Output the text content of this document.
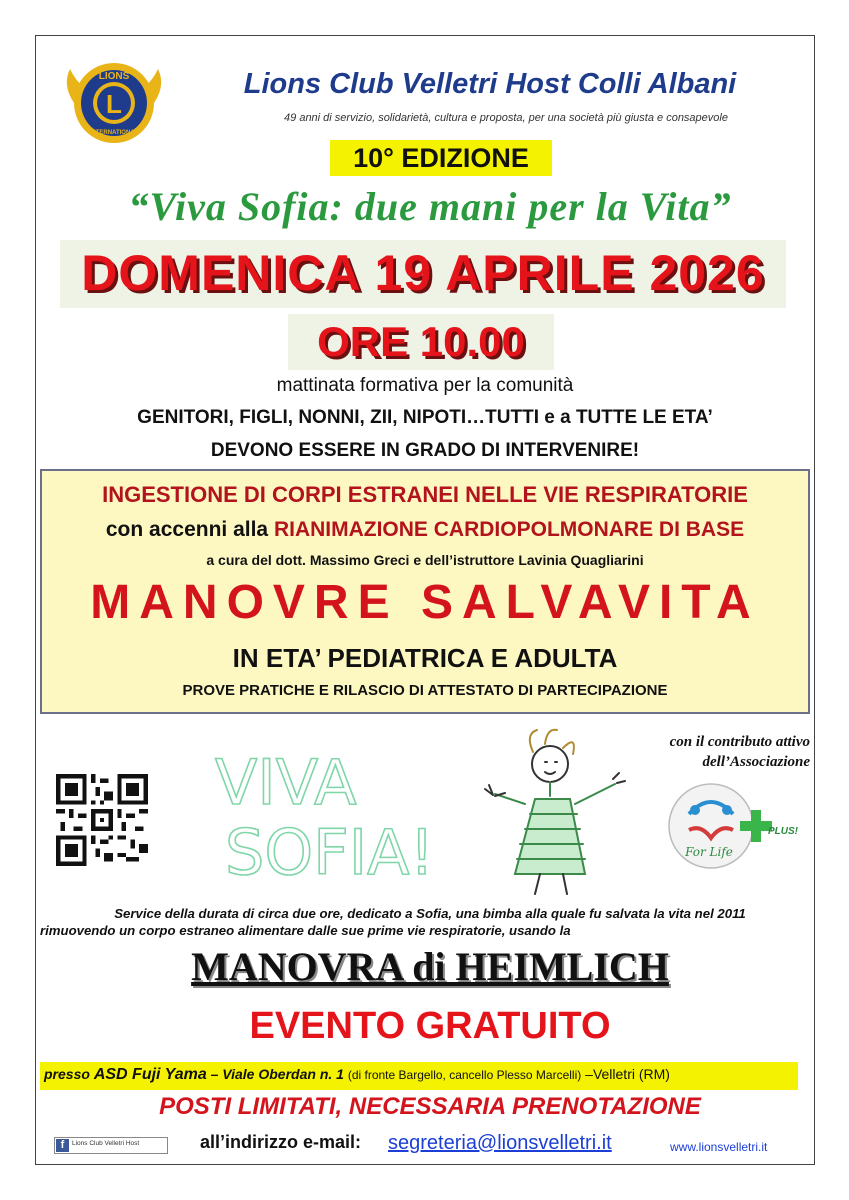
L
LIONS
INTERNATIONAL
Lions Club Velletri Host Colli Albani
49 anni di servizio, solidarietà, cultura e proposta, per una società più giusta e consapevole
10° EDIZIONE
“Viva Sofia: due mani per la Vita”
DOMENICA 19 APRILE 2026
ORE 10.00
mattinata formativa per la comunità
GENITORI, FIGLI, NONNI, ZII, NIPOTI…TUTTI e a TUTTE LE ETA’
DEVONO ESSERE IN GRADO DI INTERVENIRE!
INGESTIONE DI CORPI ESTRANEI NELLE VIE RESPIRATORIE
con accenni alla RIANIMAZIONE CARDIOPOLMONARE DI BASE
a cura del dott. Massimo Greci e dell’istruttore Lavinia Quagliarini
MANOVRE SALVAVITA
IN ETA’ PEDIATRICA E ADULTA
PROVE PRATICHE E RILASCIO DI ATTESTATO DI PARTECIPAZIONE
VIVA
SOFIA!
con il contributo attivo
dell’Associazione
For Life
PLUS!
Service della durata di circa due ore, dedicato a Sofia, una bimba alla quale fu salvata la vita nel 2011
rimuovendo un corpo estraneo alimentare dalle sue prime vie respiratorie, usando la
MANOVRA di HEIMLICH
EVENTO GRATUITO
presso ASD Fuji Yama – Viale Oberdan n. 1 (di fronte Bargello, cancello Plesso Marcelli) –Velletri (RM)
POSTI LIMITATI, NECESSARIA PRENOTAZIONE
f	Lions Club Velletri Host	all’indirizzo e-mail:	segreteria@lionsvelletri.it	www.lionsvelletri.it
